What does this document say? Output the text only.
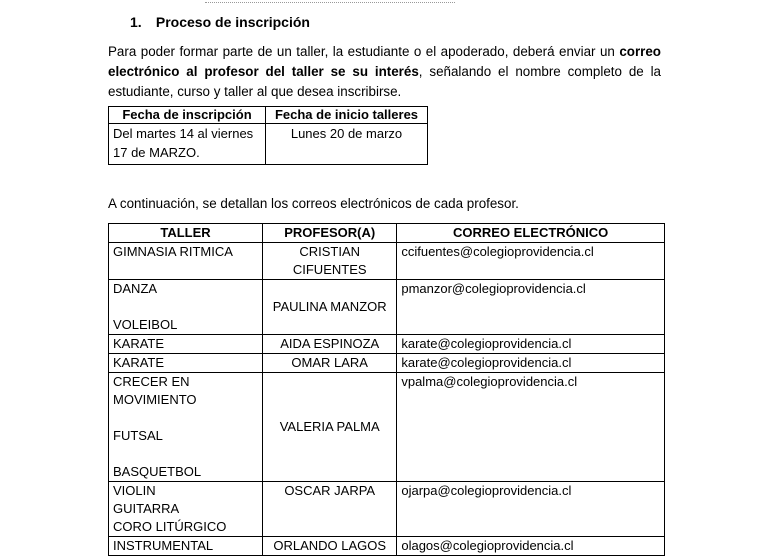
1. Proceso de inscripción
Para poder formar parte de un taller, la estudiante o el apoderado, deberá enviar un correo electrónico al profesor del taller se su interés, señalando el nombre completo de la estudiante, curso y taller al que desea inscribirse.
Fecha de inscripción	Fecha de inicio talleres
Del martes 14 al viernes
17 de MARZO.	Lunes 20 de marzo
A continuación, se detallan los correos electrónicos de cada profesor.
TALLER	PROFESOR(A)	CORREO ELECTRÓNICO
GIMNASIA RITMICA	CRISTIAN CIFUENTES	ccifuentes@colegioprovidencia.cl

DANZA
VOLEIBOL	PAULINA MANZOR	pmanzor@colegioprovidencia.cl
KARATE	AIDA ESPINOZA	karate@colegioprovidencia.cl
KARATE	OMAR LARA	karate@colegioprovidencia.cl

CRECER EN
MOVIMIENTO
FUTSAL
BASQUETBOL	VALERIA PALMA	vpalma@colegioprovidencia.cl

VIOLIN
GUITARRA
CORO LITÚRGICO	OSCAR JARPA	ojarpa@colegioprovidencia.cl
INSTRUMENTAL	ORLANDO LAGOS	olagos@colegioprovidencia.cl
